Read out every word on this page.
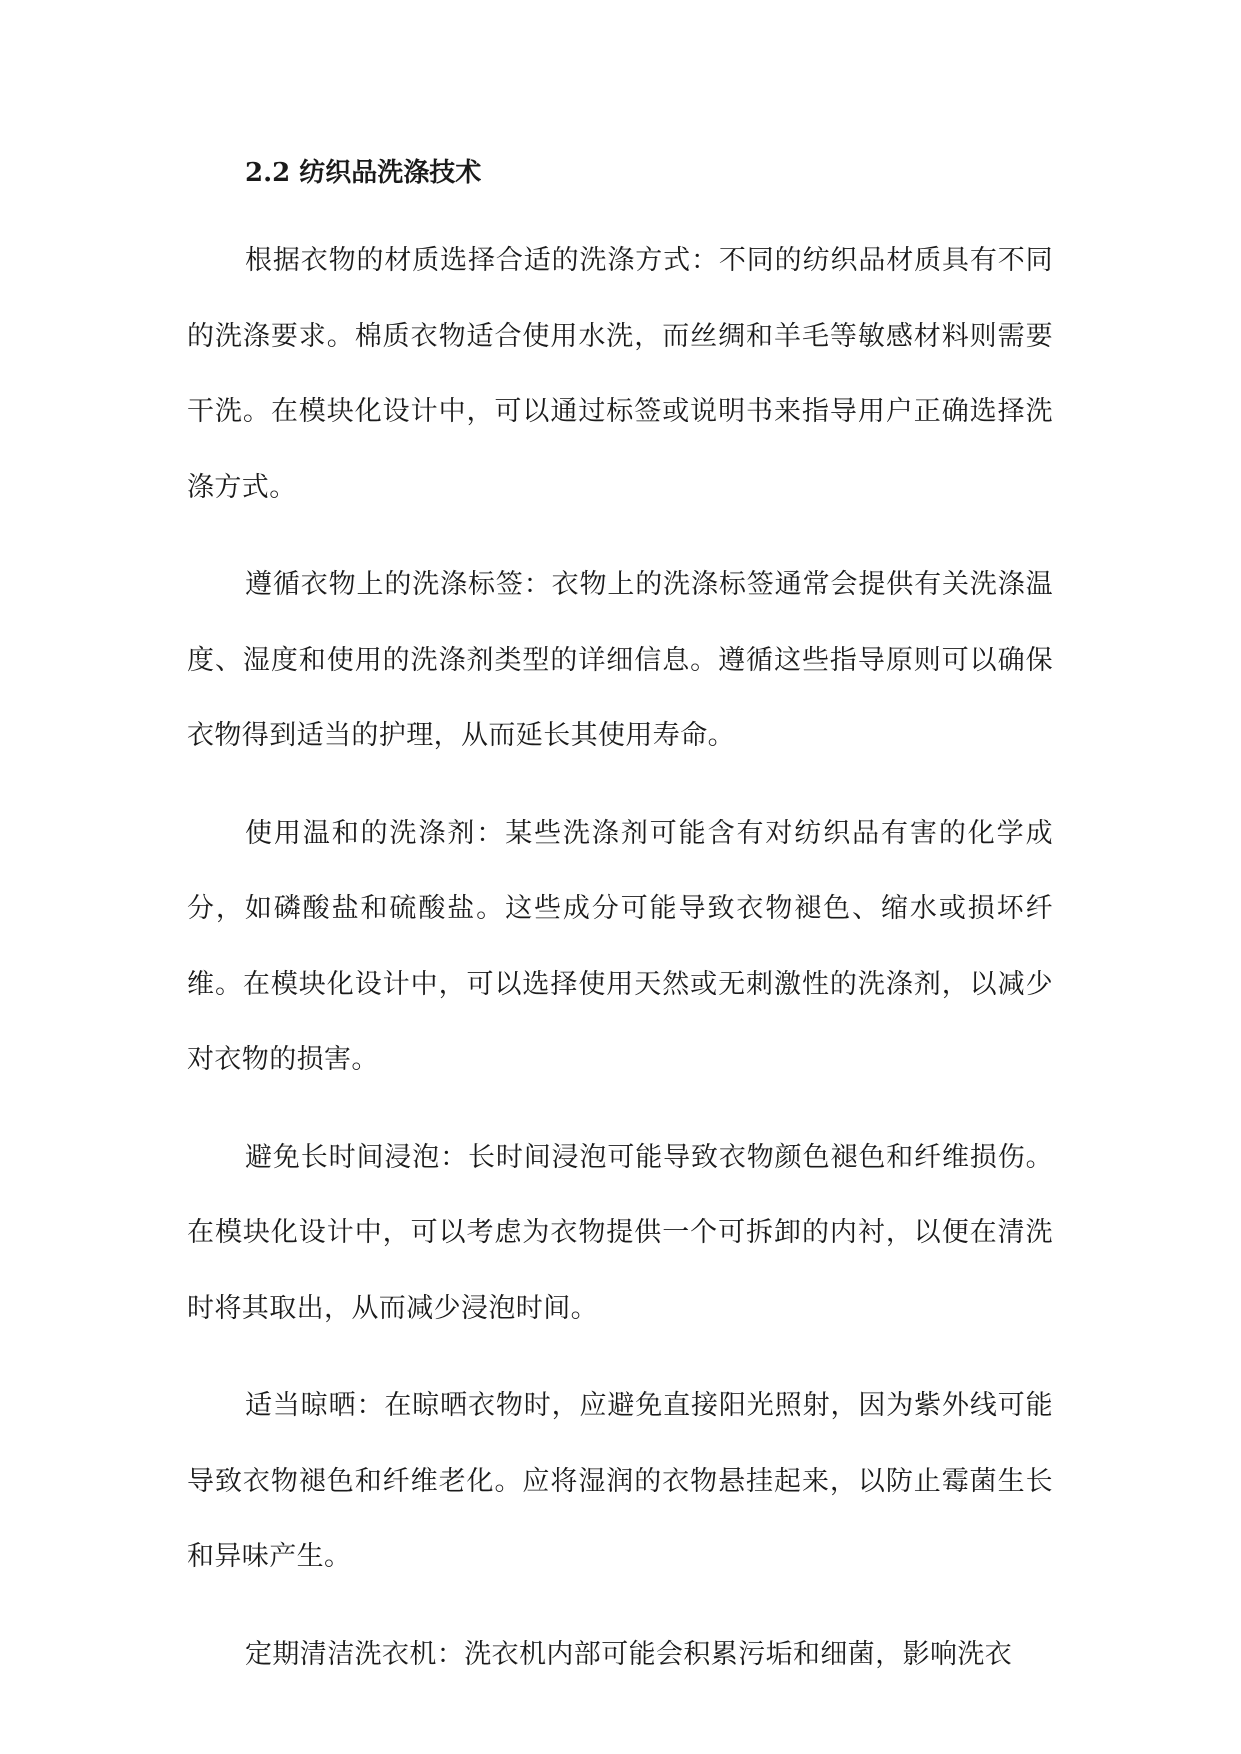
2.2 纺织品洗涤技术

根据衣物的材质选择合适的洗涤方式：不同的纺织品材质具有不同的洗涤要求。棉质衣物适合使用水洗，而丝绸和羊毛等敏感材料则需要干洗。在模块化设计中，可以通过标签或说明书来指导用户正确选择洗涤方式。

遵循衣物上的洗涤标签：衣物上的洗涤标签通常会提供有关洗涤温度、湿度和使用的洗涤剂类型的详细信息。遵循这些指导原则可以确保衣物得到适当的护理，从而延长其使用寿命。

使用温和的洗涤剂：某些洗涤剂可能含有对纺织品有害的化学成分，如磷酸盐和硫酸盐。这些成分可能导致衣物褪色、缩水或损坏纤维。在模块化设计中，可以选择使用天然或无刺激性的洗涤剂，以减少对衣物的损害。

避免长时间浸泡：长时间浸泡可能导致衣物颜色褪色和纤维损伤。在模块化设计中，可以考虑为衣物提供一个可拆卸的内衬，以便在清洗时将其取出，从而减少浸泡时间。

适当晾晒：在晾晒衣物时，应避免直接阳光照射，因为紫外线可能导致衣物褪色和纤维老化。应将湿润的衣物悬挂起来，以防止霉菌生长和异味产生。

定期清洁洗衣机：洗衣机内部可能会积累污垢和细菌，影响洗衣
